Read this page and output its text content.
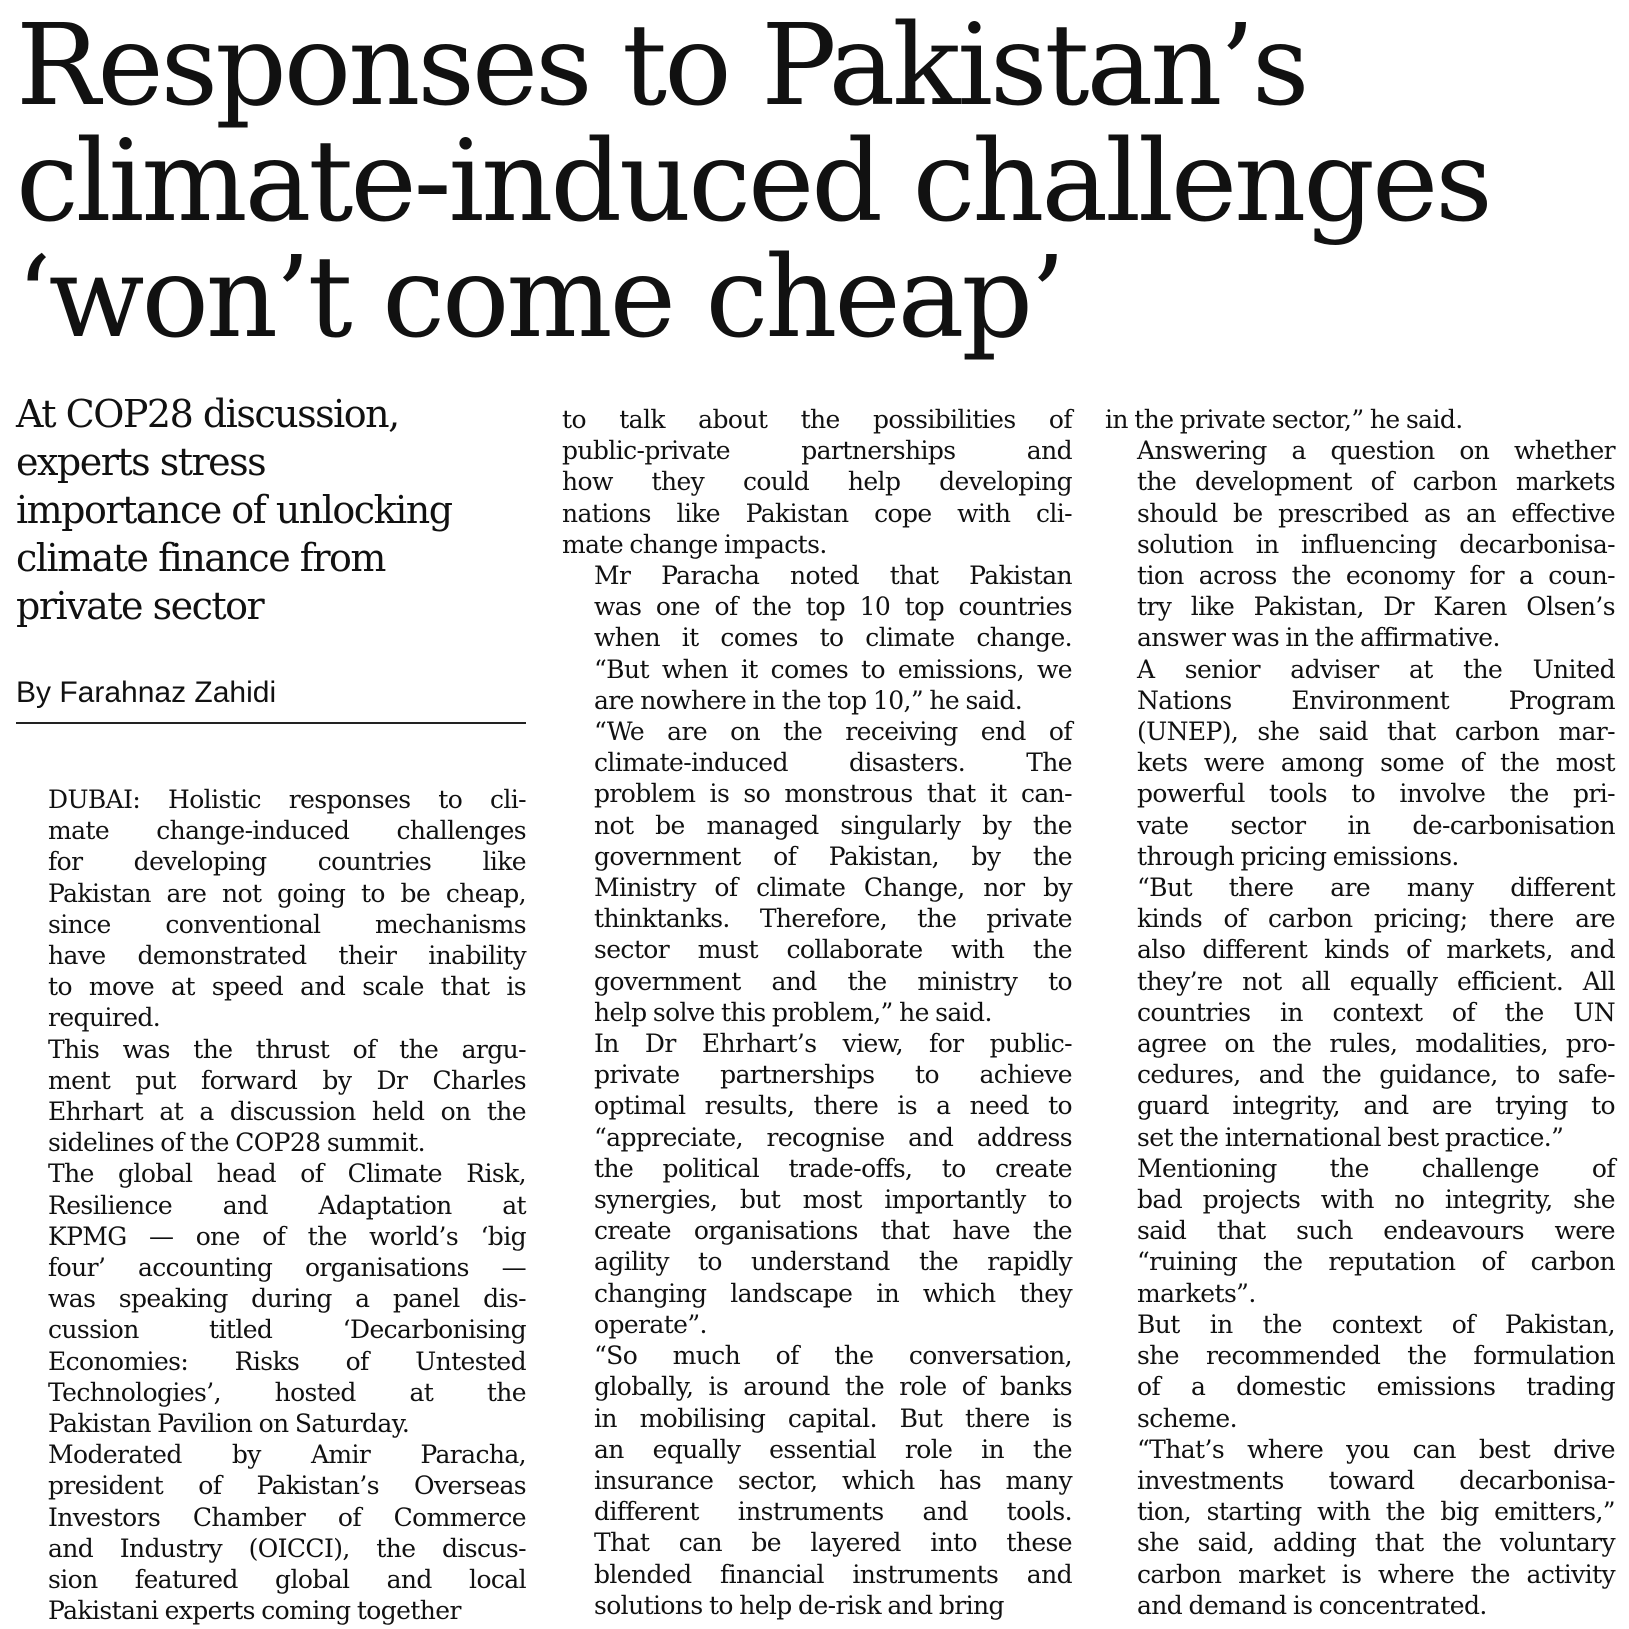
Responses to Pakistan’s
climate-induced challenges
‘won’t come cheap’
At COP28 discussion,
experts stress
importance of unlocking
climate finance from
private sector
By Farahnaz Zahidi

DUBAI: Holistic responses to cli-
mate change-induced challenges
for developing countries like
Pakistan are not going to be cheap,
since conventional mechanisms
have demonstrated their inability
to move at speed and scale that is
required.

This was the thrust of the argu-
ment put forward by Dr Charles
Ehrhart at a discussion held on the
sidelines of the COP28 summit.

The global head of Climate Risk,
Resilience and Adaptation at
KPMG — one of the world’s ‘big
four’ accounting organisations —
was speaking during a panel dis-
cussion titled ‘Decarbonising
Economies: Risks of Untested
Technologies’, hosted at the
Pakistan Pavilion on Saturday.

Moderated by Amir Paracha,
president of Pakistan’s Overseas
Investors Chamber of Commerce
and Industry (OICCI), the discus-
sion featured global and local
Pakistani experts coming together

to talk about the possibilities of
public-private partnerships and
how they could help developing
nations like Pakistan cope with cli-
mate change impacts.

Mr Paracha noted that Pakistan
was one of the top 10 top countries
when it comes to climate change.
“But when it comes to emissions, we
are nowhere in the top 10,” he said.

“We are on the receiving end of
climate-induced disasters. The
problem is so monstrous that it can-
not be managed singularly by the
government of Pakistan, by the
Ministry of climate Change, nor by
thinktanks. Therefore, the private
sector must collaborate with the
government and the ministry to
help solve this problem,” he said.

In Dr Ehrhart’s view, for public-
private partnerships to achieve
optimal results, there is a need to
“appreciate, recognise and address
the political trade-offs, to create
synergies, but most importantly to
create organisations that have the
agility to understand the rapidly
changing landscape in which they
operate”.

“So much of the conversation,
globally, is around the role of banks
in mobilising capital. But there is
an equally essential role in the
insurance sector, which has many
different instruments and tools.
That can be layered into these
blended financial instruments and
solutions to help de-risk and bring

in the private sector,” he said.

Answering a question on whether
the development of carbon markets
should be prescribed as an effective
solution in influencing decarbonisa-
tion across the economy for a coun-
try like Pakistan, Dr Karen Olsen’s
answer was in the affirmative.

A senior adviser at the United
Nations Environment Program
(UNEP), she said that carbon mar-
kets were among some of the most
powerful tools to involve the pri-
vate sector in de-carbonisation
through pricing emissions.

“But there are many different
kinds of carbon pricing; there are
also different kinds of markets, and
they’re not all equally efficient. All
countries in context of the UN
agree on the rules, modalities, pro-
cedures, and the guidance, to safe-
guard integrity, and are trying to
set the international best practice.”

Mentioning the challenge of
bad projects with no integrity, she
said that such endeavours were
“ruining the reputation of carbon
markets”.

But in the context of Pakistan,
she recommended the formulation
of a domestic emissions trading
scheme.

“That’s where you can best drive
investments toward decarbonisa-
tion, starting with the big emitters,”
she said, adding that the voluntary
carbon market is where the activity
and demand is concentrated.
